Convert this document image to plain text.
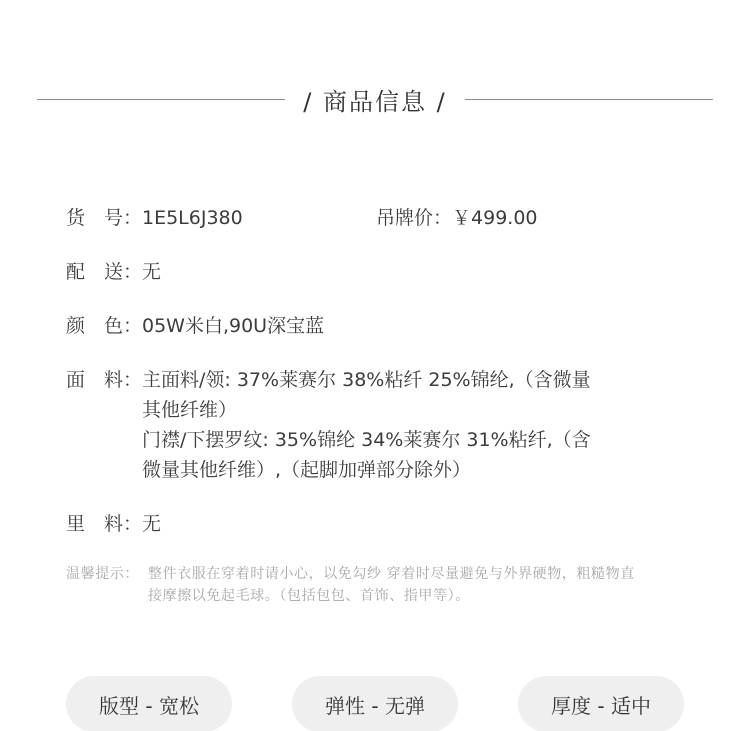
/ 商品信息 /
货　号： 1E5L6J380	吊牌价：￥499.00
配　送： 无
颜　色： 05W米白,90U深宝蓝
面　料： 主面料/领: 37%莱赛尔 38%粘纤 25%锦纶,（含微量
其他纤维）
门襟/下摆罗纹: 35%锦纶 34%莱赛尔 31%粘纤,（含
微量其他纤维）,（起脚加弹部分除外）
里　料： 无
温馨提示： 整件衣服在穿着时请小心，以免勾纱 穿着时尽量避免与外界硬物，粗糙物直
接摩擦以免起毛球。（包括包包、首饰、指甲等）。
版型 - 宽松	弹性 - 无弹	厚度 - 适中
